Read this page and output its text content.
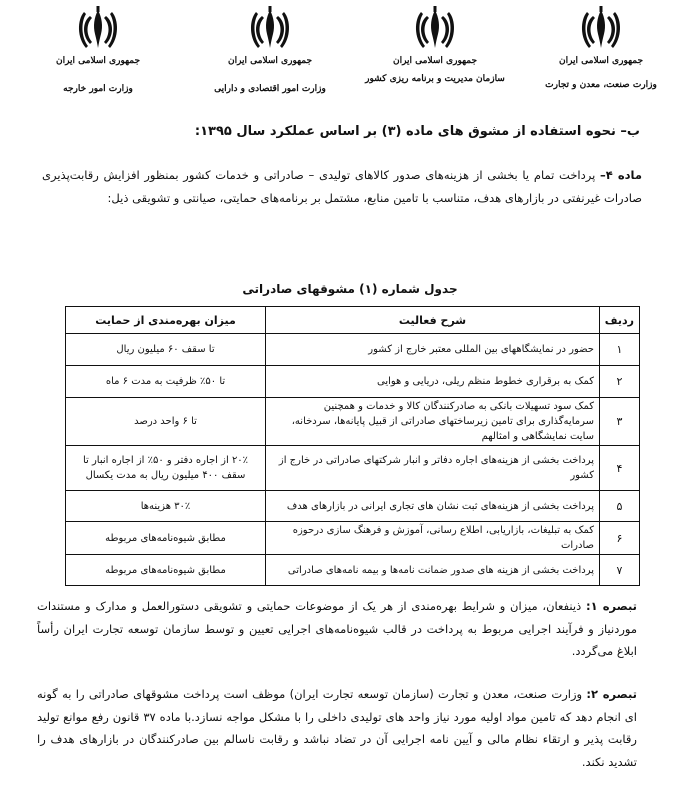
جمهوری اسلامی ایران
وزارت صنعت، معدن و تجارت
جمهوری اسلامی ایران
سازمان مدیریت و برنامه ریزی کشور
جمهوری اسلامی ایران
وزارت امور اقتصادی و دارایی
جمهوری اسلامی ایران
وزارت امور خارجه
ب– نحوه استفاده از مشوق های ماده (۳) بر اساس عملکرد سال ۱۳۹۵:
ماده ۴– پرداخت تمام یا بخشی از هزینه‌های صدور کالاهای تولیدی – صادراتی و خدمات کشور بمنظور افزایش رقابت‌پذیری صادرات غیرنفتی در بازارهای هدف، متناسب با تامین منابع، مشتمل بر برنامه‌های حمایتی، صیانتی و تشویقی ذیل:
جدول شماره (۱) مشوقهای صادراتی
ردیف	شرح فعالیت	میزان بهره‌مندی از حمایت
۱	حضور در نمایشگاههای بین المللی معتبر خارج از کشور	تا سقف ۶۰ میلیون ریال
۲	کمک به برقراری خطوط منظم ریلی، دریایی و هوایی	تا ۵۰٪ ظرفیت به مدت ۶ ماه
۳	کمک سود تسهیلات بانکی به صادرکنندگان کالا و خدمات و همچنین سرمایه‌گذاری برای تامین زیرساختهای صادراتی از قبیل پایانه‌ها، سردخانه، سایت نمایشگاهی و امثالهم	تا ۶ واحد درصد
۴	پرداخت بخشی از هزینه‌های اجاره دفاتر و انبار شرکتهای صادراتی در خارج از کشور	۲۰٪ از اجاره دفتر و ۵۰٪ از اجاره انبار تا سقف ۴۰۰ میلیون ریال به مدت یکسال
۵	پرداخت بخشی از هزینه‌های ثبت نشان های تجاری ایرانی در بازارهای هدف	۳۰٪ هزینه‌ها
۶	کمک به تبلیغات، بازاریابی، اطلاع رسانی، آموزش و فرهنگ سازی درحوزه صادرات	مطابق شیوه‌نامه‌های مربوطه
۷	پرداخت بخشی از هزینه های صدور ضمانت نامه‌ها و بیمه نامه‌های صادراتی	مطابق شیوه‌نامه‌های مربوطه
تبصره ۱: ذینفعان، میزان و شرایط بهره‌مندی از هر یک از موضوعات حمایتی و تشویقی دستورالعمل و مدارک و مستندات موردنیاز و فرآیند اجرایی مربوط به پرداخت در قالب شیوه‌نامه‌های اجرایی تعیین و توسط سازمان توسعه تجارت ایران رأساً ابلاغ می‌گردد.
تبصره ۲: وزارت صنعت، معدن و تجارت (سازمان توسعه تجارت ایران) موظف است پرداخت مشوقهای صادراتی را به گونه ای انجام دهد که تامین مواد اولیه مورد نیاز واحد های تولیدی داخلی را با مشکل مواجه نسازد.با ماده ۳۷ قانون رفع موانع تولید رقابت پذیر و ارتقاء نظام مالی و آیین نامه اجرایی آن در تضاد نباشد و رقابت ناسالم بین صادرکنندگان در بازارهای هدف را تشدید نکند.
